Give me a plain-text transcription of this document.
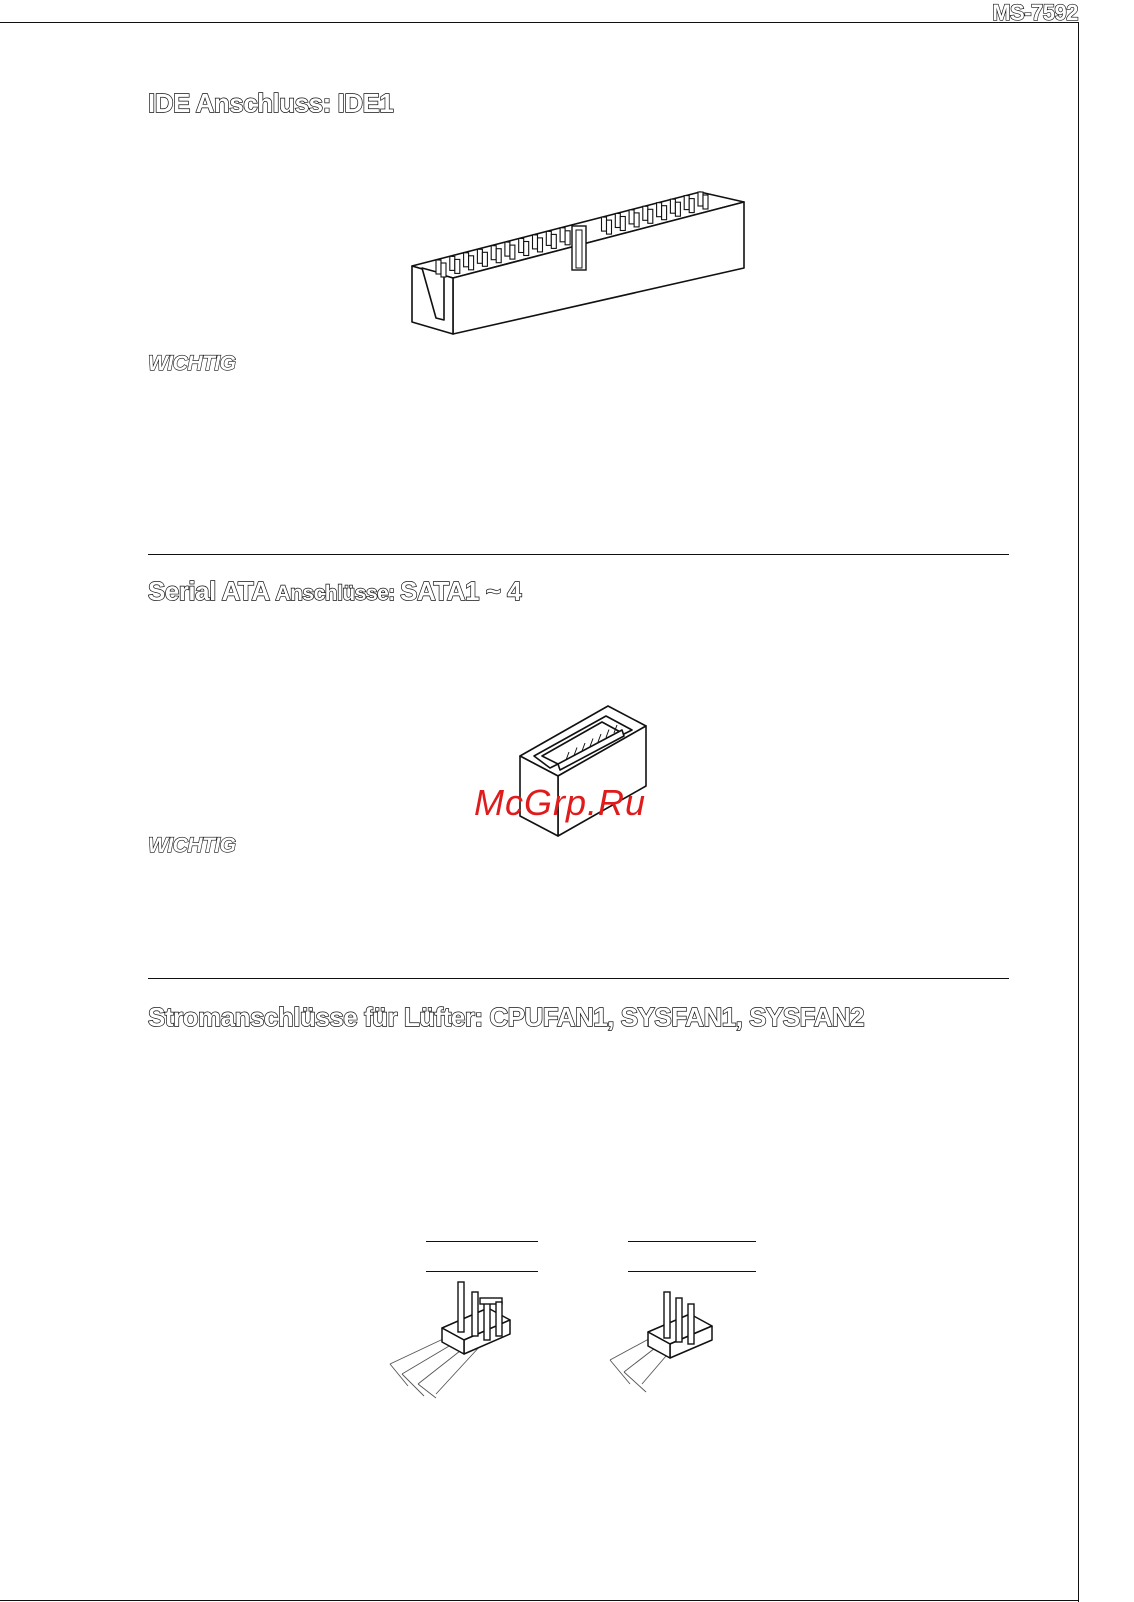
MS-7592
IDE Anschluss: IDE1
WICHTIG
Serial ATA Anschlüsse: SATA1 ~ 4
McGrp.Ru
WICHTIG
Stromanschlüsse für Lüfter: CPUFAN1, SYSFAN1, SYSFAN2
